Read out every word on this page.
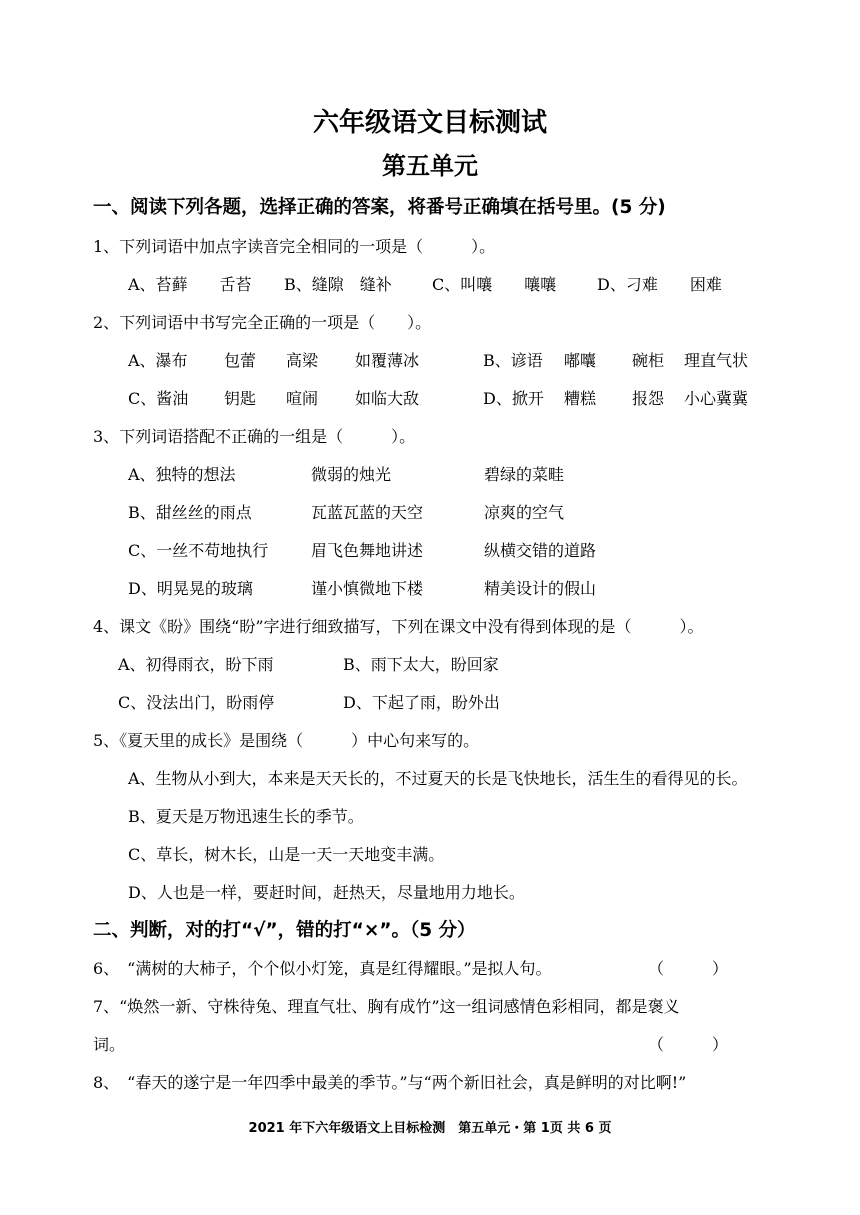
六年级语文目标测试
第五单元
一、阅读下列各题，选择正确的答案，将番号正确填在括号里。(5 分)
1、下列词语中加点字读音完全相同的一项是（　　　）。
A、苔藓　　舌苔 B、缝隙　缝补	C、叫嚷　　嚷嚷	D、刁难　　困难
2、下列词语中书写完全正确的一项是（　　）。
A、瀑布 包蕾 高梁 如覆薄冰	B、谚语 嘟囔 碗柜 理直气状
C、酱油 钥匙 喧闹 如临大敌	D、掀开 糟糕 报怨 小心冀冀
3、下列词语搭配不正确的一组是（　　　）。
A、独特的想法	微弱的烛光	碧绿的菜畦
B、甜丝丝的雨点	瓦蓝瓦蓝的天空	凉爽的空气
C、一丝不苟地执行	眉飞色舞地讲述	纵横交错的道路
D、明晃晃的玻璃	谨小慎微地下楼	精美设计的假山
4、课文《盼》围绕“盼”字进行细致描写，下列在课文中没有得到体现的是（　　　）。
A、初得雨衣，盼下雨	B、雨下太大，盼回家
C、没法出门，盼雨停	D、下起了雨，盼外出
5、《夏天里的成长》是围绕（　　　）中心句来写的。
A、生物从小到大，本来是天天长的，不过夏天的长是飞快地长，活生生的看得见的长。
B、夏天是万物迅速生长的季节。
C、草长，树木长，山是一天一天地变丰满。
D、人也是一样，要赶时间，赶热天，尽量地用力地长。
二、判断，对的打“√”，错的打“×”。（5 分）
6、　“满树的大柿子，个个似小灯笼，真是红得耀眼。”是拟人句。	（　　　）
7、“焕然一新、守株待兔、理直气壮、胸有成竹”这一组词感情色彩相同，都是褒义
词。	（　　　）
8、　“春天的遂宁是一年四季中最美的季节。”与“两个新旧社会，真是鲜明的对比啊!”
2021 年下六年级语文上目标检测　第五单元・第 1页 共 6 页
